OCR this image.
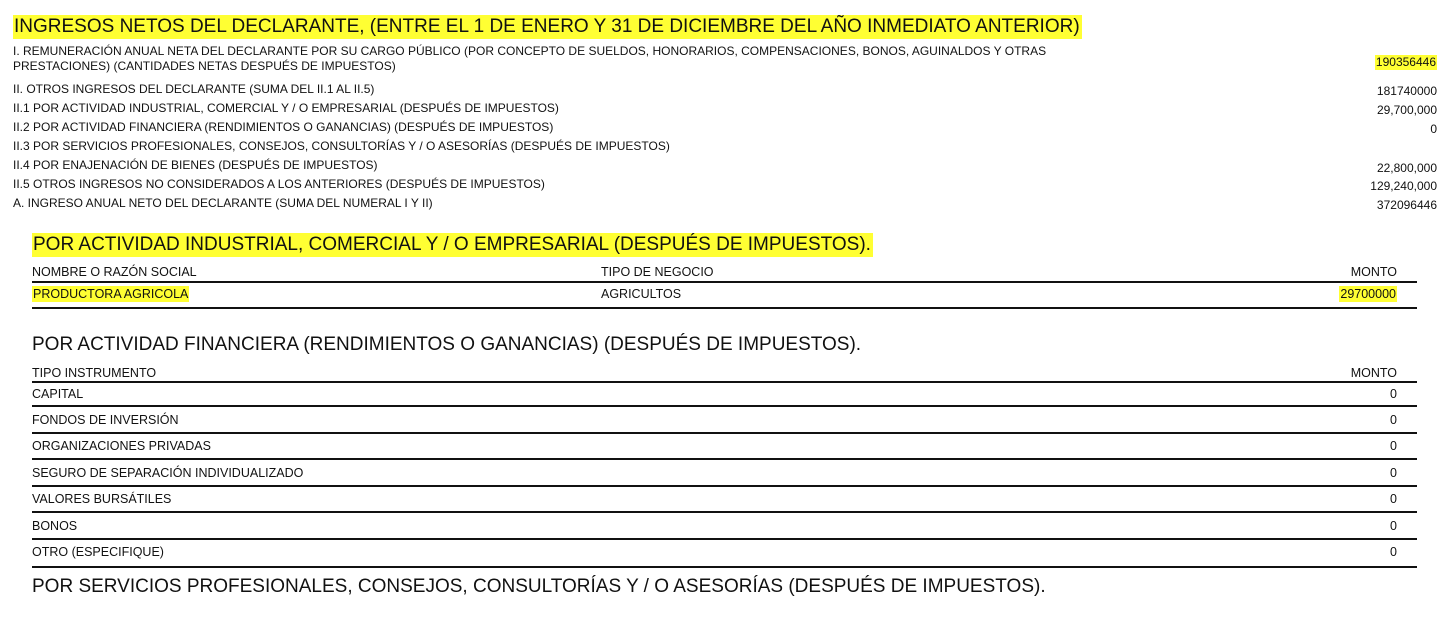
INGRESOS NETOS DEL DECLARANTE, (ENTRE EL 1 DE ENERO Y 31 DE DICIEMBRE DEL AÑO INMEDIATO ANTERIOR)
I. REMUNERACIÓN ANUAL NETA DEL DECLARANTE POR SU CARGO PÚBLICO (POR CONCEPTO DE SUELDOS, HONORARIOS, COMPENSACIONES, BONOS, AGUINALDOS Y OTRAS
PRESTACIONES) (CANTIDADES NETAS DESPUÉS DE IMPUESTOS)	190356446
II. OTROS INGRESOS DEL DECLARANTE (SUMA DEL II.1 AL II.5)	181740000
II.1 POR ACTIVIDAD INDUSTRIAL, COMERCIAL Y / O EMPRESARIAL (DESPUÉS DE IMPUESTOS)	29,700,000
II.2 POR ACTIVIDAD FINANCIERA (RENDIMIENTOS O GANANCIAS) (DESPUÉS DE IMPUESTOS)	0
II.3 POR SERVICIOS PROFESIONALES, CONSEJOS, CONSULTORÍAS Y / O ASESORÍAS (DESPUÉS DE IMPUESTOS)
II.4 POR ENAJENACIÓN DE BIENES (DESPUÉS DE IMPUESTOS)	22,800,000
II.5 OTROS INGRESOS NO CONSIDERADOS A LOS ANTERIORES (DESPUÉS DE IMPUESTOS)	129,240,000
A. INGRESO ANUAL NETO DEL DECLARANTE (SUMA DEL NUMERAL I Y II)	372096446
POR ACTIVIDAD INDUSTRIAL, COMERCIAL Y / O EMPRESARIAL (DESPUÉS DE IMPUESTOS).
NOMBRE O RAZÓN SOCIAL	TIPO DE NEGOCIO	MONTO
PRODUCTORA AGRICOLA	AGRICULTOS	29700000
POR ACTIVIDAD FINANCIERA (RENDIMIENTOS O GANANCIAS) (DESPUÉS DE IMPUESTOS).
TIPO INSTRUMENTO	MONTO
CAPITAL	0
FONDOS DE INVERSIÓN	0
ORGANIZACIONES PRIVADAS	0
SEGURO DE SEPARACIÓN INDIVIDUALIZADO	0
VALORES BURSÁTILES	0
BONOS	0
OTRO (ESPECIFIQUE)	0
POR SERVICIOS PROFESIONALES, CONSEJOS, CONSULTORÍAS Y / O ASESORÍAS (DESPUÉS DE IMPUESTOS).
